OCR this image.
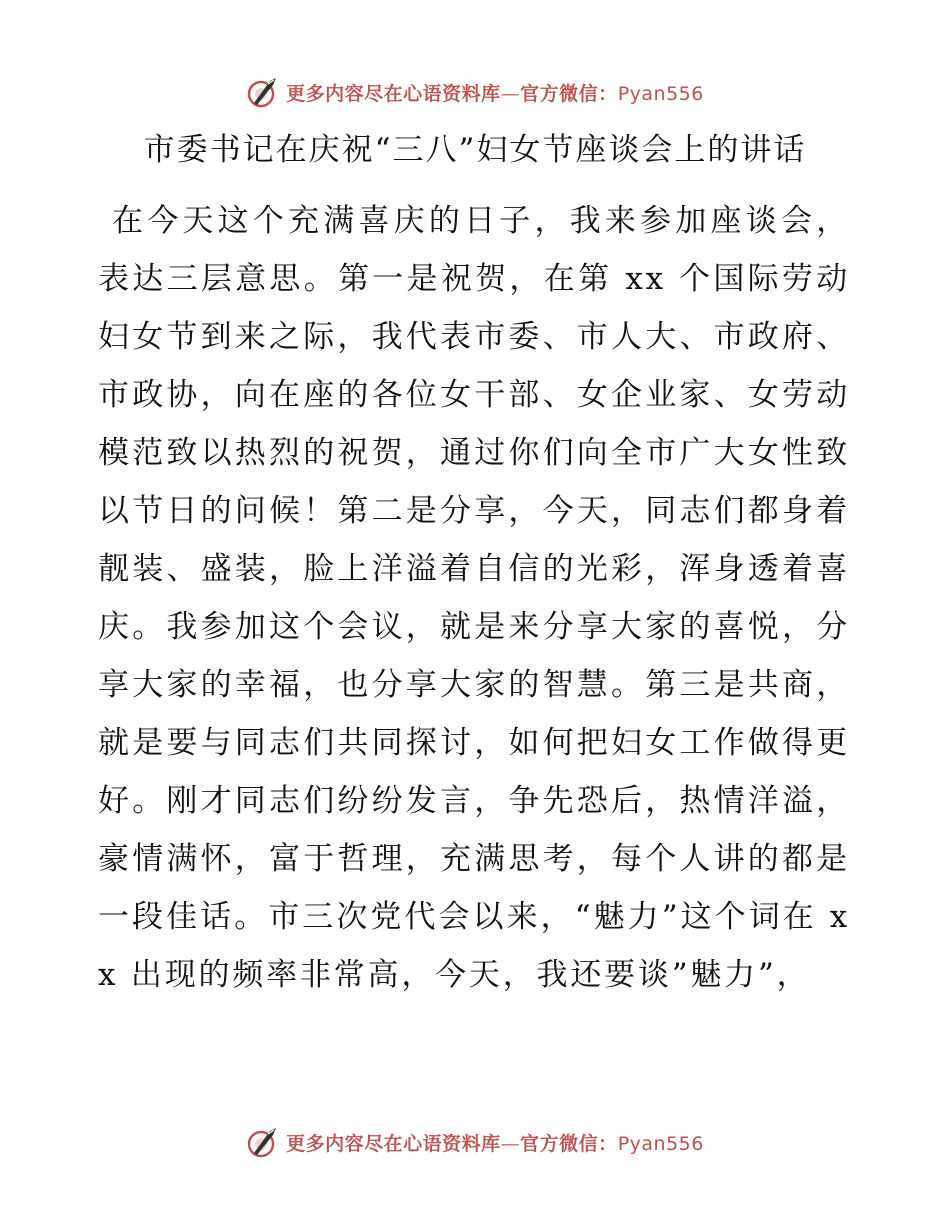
更多内容尽在心语资料库—官方微信：Pyan556
市委书记在庆祝“三八”妇女节座谈会上的讲话

在今天这个充满喜庆的日子，我来参加座谈会，表达三层意思。第一是祝贺，在第 xx 个国际劳动妇女节到来之际，我代表市委、市人大、市政府、市政协，向在座的各位女干部、女企业家、女劳动模范致以热烈的祝贺，通过你们向全市广大女性致以节日的问候！第二是分享，今天，同志们都身着靓装、盛装，脸上洋溢着自信的光彩，浑身透着喜庆。我参加这个会议，就是来分享大家的喜悦，分享大家的幸福，也分享大家的智慧。第三是共商，就是要与同志们共同探讨，如何把妇女工作做得更好。刚才同志们纷纷发言，争先恐后，热情洋溢，豪情满怀，富于哲理，充满思考，每个人讲的都是一段佳话。市三次党代会以来，“魅力”这个词在 xx 出现的频率非常高，今天，我还要谈”魅力”，

更多内容尽在心语资料库—官方微信：Pyan556
